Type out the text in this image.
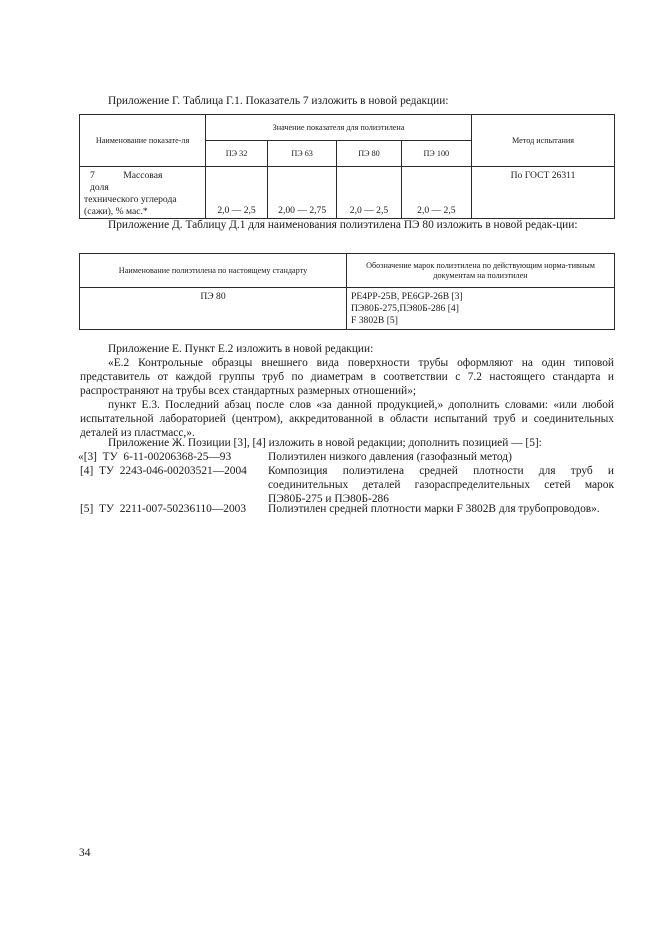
Приложение Г. Таблица Г.1. Показатель 7 изложить в новой редакции:
Наименование показате-ля	Значение показателя для полиэтилена				Метод испытания
	ПЭ 32	ПЭ 63	ПЭ 80	ПЭ 100	

7 Массовая доля
технического углерода
(сажи), % мас.*	2,0 — 2,5	2,00 — 2,75	2,0 — 2,5	2,0 — 2,5	По ГОСТ 26311
Приложение Д. Таблицу Д.1 для наименования полиэтилена ПЭ 80 изложить в новой редак-ции:
Наименование полиэтилена по настоящему стандарту	Обозначение марок полиэтилена по действующим норма-тивным документам на полиэтилен
ПЭ 80	PE4PP-25B, PE6GP-26B [3]
ПЭ80Б-275,ПЭ80Б-286 [4]
F 3802B [5]
Приложение Е. Пункт Е.2 изложить в новой редакции:
«Е.2 Контрольные образцы внешнего вида поверхности трубы оформляют на один типовой представитель от каждой группы труб по диаметрам в соответствии с 7.2 настоящего стандарта и распространяют на трубы всех стандартных размерных отношений»;
пункт Е.3. Последний абзац после слов «за данной продукцией,» дополнить словами: «или любой испытательной лабораторией (центром), аккредитованной в области испытаний труб и соединительных деталей из пластмасс,».
Приложение Ж. Позиции [3], [4] изложить в новой редакции; дополнить позицией — [5]:
«[3]  ТУ  6-11-00206368-25—93	Полиэтилен низкого давления (газофазный метод)
[4]  ТУ  2243-046-00203521—2004	Композиция полиэтилена средней плотности для труб и соединительных деталей газораспределительных сетей марок ПЭ80Б-275 и ПЭ80Б-286
[5]  ТУ  2211-007-50236110—2003	Полиэтилен средней плотности марки F 3802B для трубопроводов».
34
